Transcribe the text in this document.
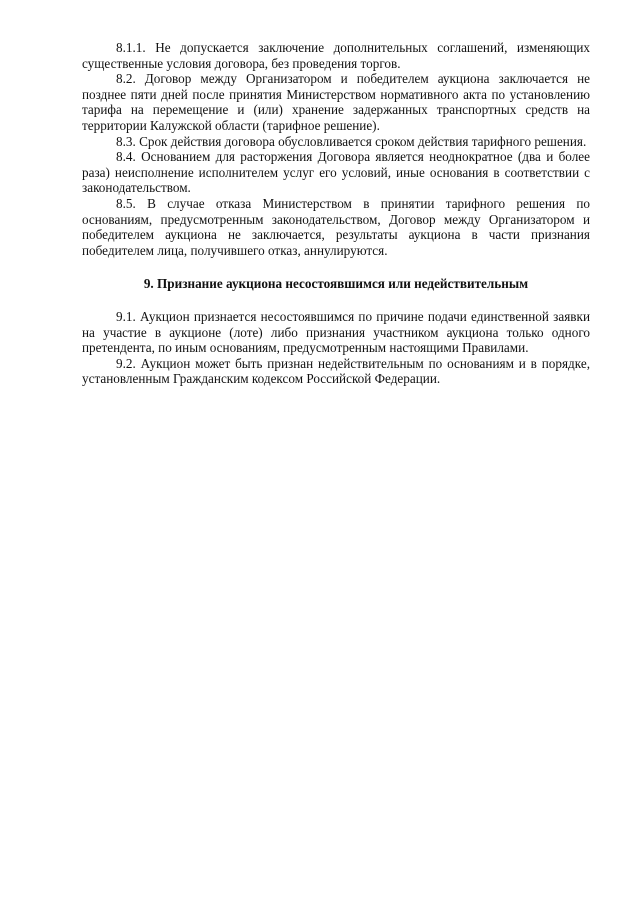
8.1.1. Не допускается заключение дополнительных соглашений, изменяющих существенные условия договора, без проведения торгов.

8.2. Договор между Организатором и победителем аукциона заключается не позднее пяти дней после принятия Министерством нормативного акта по установлению тарифа на перемещение и (или) хранение задержанных транспортных средств на территории Калужской области (тарифное решение).

8.3. Срок действия договора обусловливается сроком действия тарифного решения.

8.4. Основанием для расторжения Договора является неоднократное (два и более раза) неисполнение исполнителем услуг его условий, иные основания в соответствии с законодательством.

8.5. В случае отказа Министерством в принятии тарифного решения по основаниям, предусмотренным законодательством, Договор между Организатором и победителем аукциона не заключается, результаты аукциона в части признания победителем лица, получившего отказ, аннулируются.

9. Признание аукциона несостоявшимся или недействительным

9.1. Аукцион признается несостоявшимся по причине подачи единственной заявки на участие в аукционе (лоте) либо признания участником аукциона только одного претендента, по иным основаниям, предусмотренным настоящими Правилами.

9.2. Аукцион может быть признан недействительным по основаниям и в порядке, установленным Гражданским кодексом Российской Федерации.
